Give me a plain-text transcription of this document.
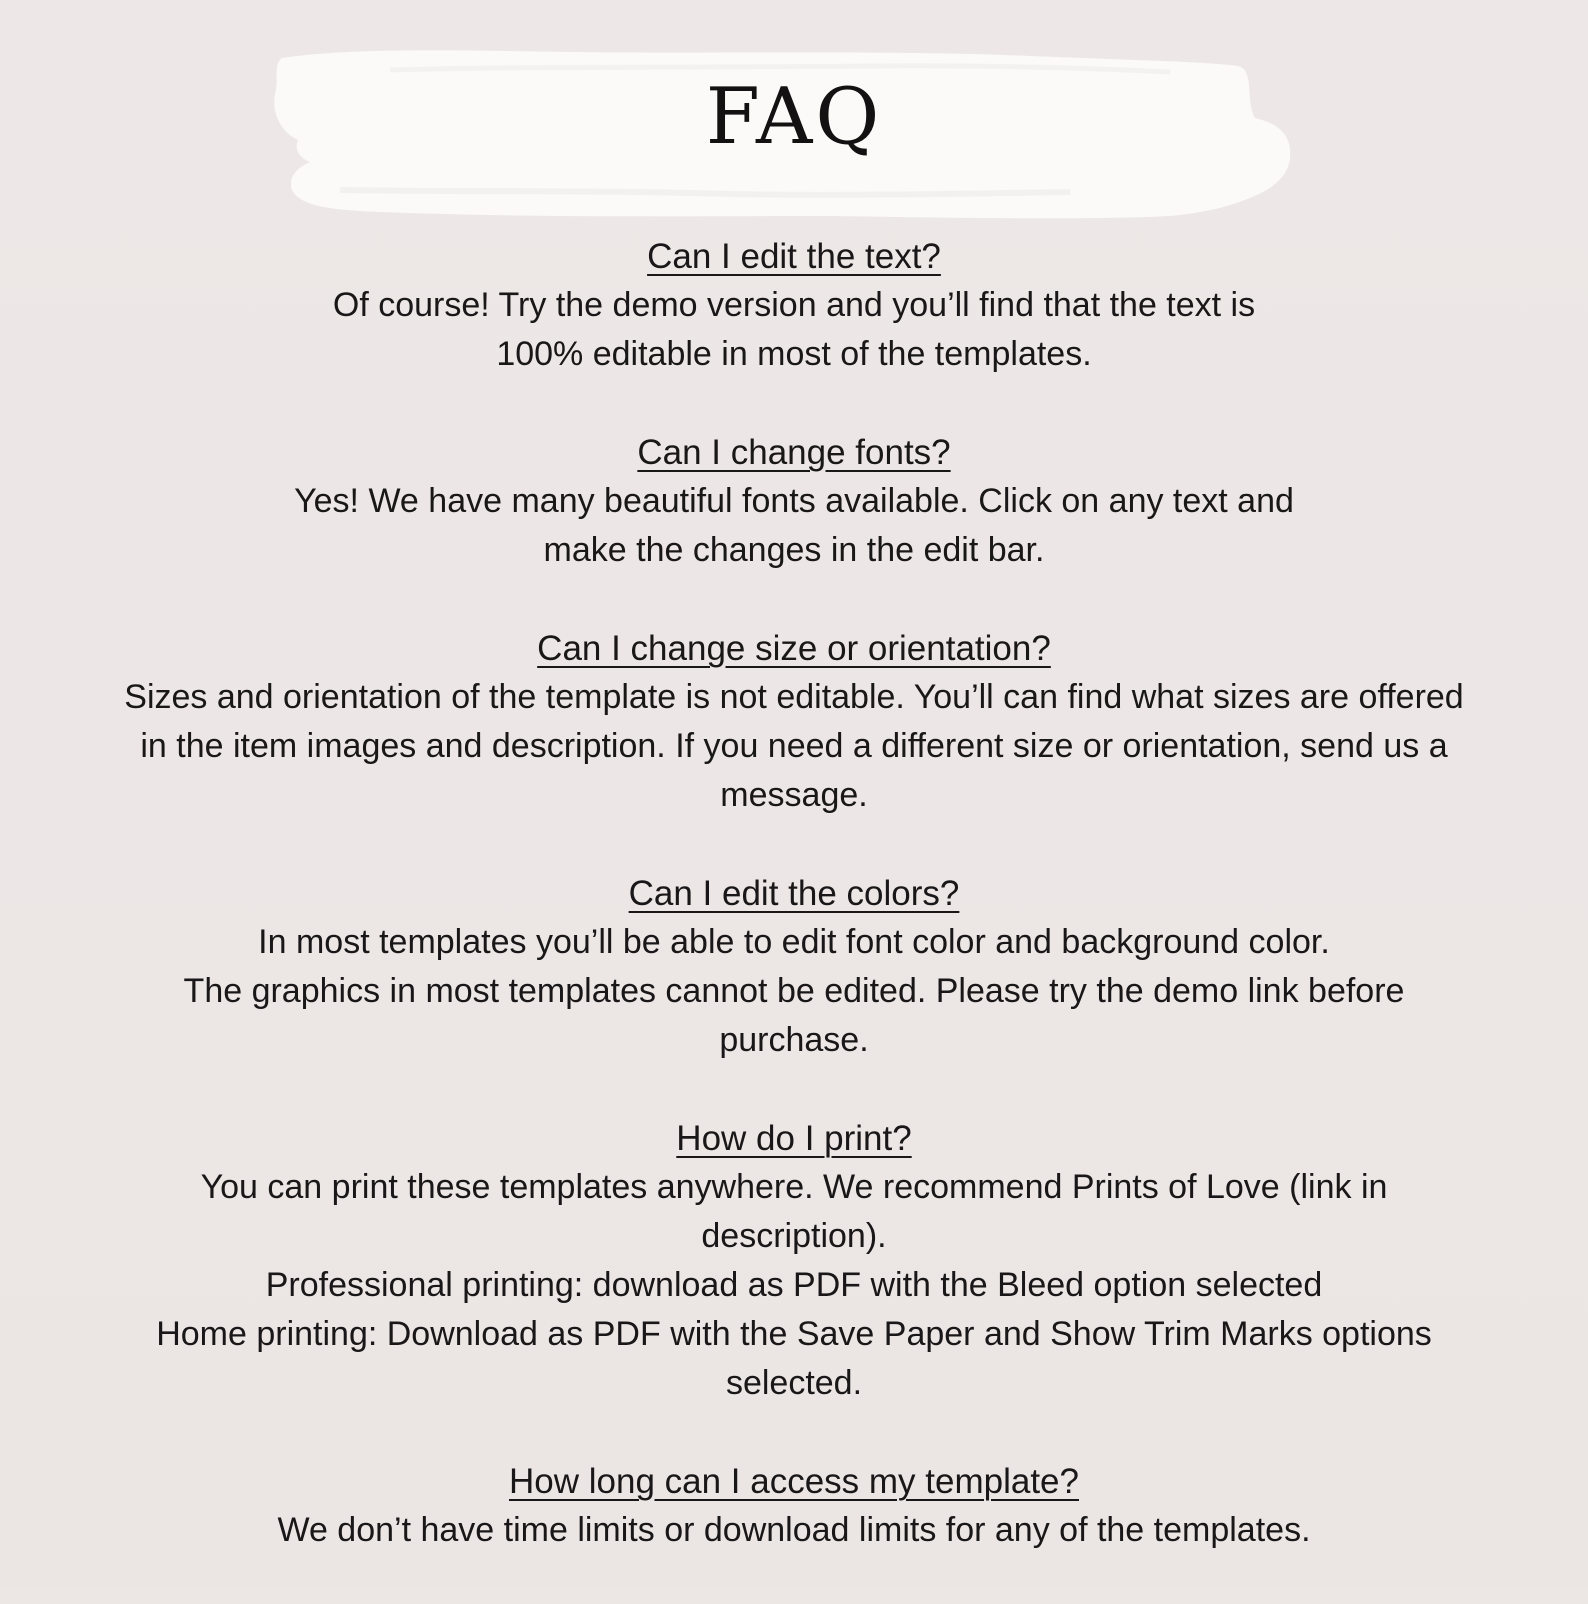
FAQ
Can I edit the text?
Of course! Try the demo version and you’ll find that the text is
100% editable in most of the templates.
Can I change fonts?
Yes! We have many beautiful fonts available. Click on any text and
make the changes in the edit bar.
Can I change size or orientation?
Sizes and orientation of the template is not editable. You’ll can find what sizes are offered
in the item images and description. If you need a different size or orientation, send us a
message.
Can I edit the colors?
In most templates you’ll be able to edit font color and background color.
The graphics in most templates cannot be edited. Please try the demo link before
purchase.
How do I print?
You can print these templates anywhere. We recommend Prints of Love (link in
description).
Professional printing: download as PDF with the Bleed option selected
Home printing: Download as PDF with the Save Paper and Show Trim Marks options
selected.
How long can I access my template?
We don’t have time limits or download limits for any of the templates.
